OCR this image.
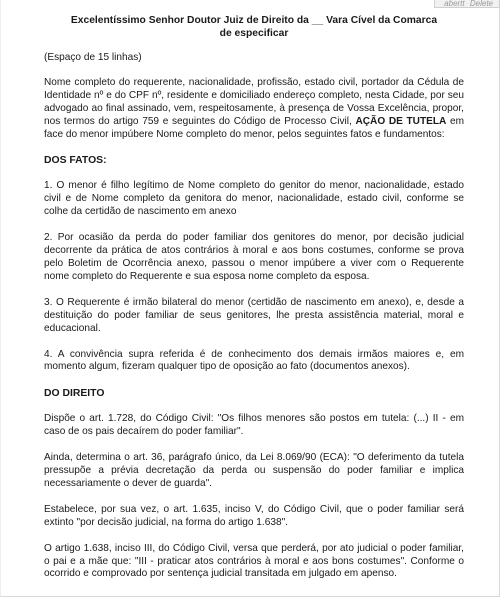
abertt Delete
Excelentíssimo Senhor Doutor Juiz de Direito da __ Vara Cível da Comarca
de especificar
(Espaço de 15 linhas)

Nome completo do requerente, nacionalidade, profissão, estado civil, portador da Cédula de Identidade nº e do CPF nº, residente e domiciliado endereço completo, nesta Cidade, por seu advogado ao final assinado, vem, respeitosamente, à presença de Vossa Excelência, propor, nos termos do artigo 759 e seguintes do Código de Processo Civil, AÇÃO DE TUTELA em face do menor impúbere Nome completo do menor, pelos seguintes fatos e fundamentos:

DOS FATOS:

1. O menor é filho legítimo de Nome completo do genitor do menor, nacionalidade, estado civil e de Nome completo da genitora do menor, nacionalidade, estado civil, conforme se colhe da certidão de nascimento em anexo

2. Por ocasião da perda do poder familiar dos genitores do menor, por decisão judicial decorrente da prática de atos contrários à moral e aos bons costumes, conforme se prova pelo Boletim de Ocorrência anexo, passou o menor impúbere a viver com o Requerente nome completo do Requerente e sua esposa nome completo da esposa.

3. O Requerente é irmão bilateral do menor (certidão de nascimento em anexo), e, desde a destituição do poder familiar de seus genitores, lhe presta assistência material, moral e educacional.

4. A convivência supra referida é de conhecimento dos demais irmãos maiores e, em momento algum, fizeram qualquer tipo de oposição ao fato (documentos anexos).

DO DIREITO

Dispõe o art. 1.728, do Código Civil: "Os filhos menores são postos em tutela: (...) II - em caso de os pais decaírem do poder familiar".

Ainda, determina o art. 36, parágrafo único, da Lei 8.069/90 (ECA): "O deferimento da tutela pressupõe a prévia decretação da perda ou suspensão do poder familiar e implica necessariamente o dever de guarda".

Estabelece, por sua vez, o art. 1.635, inciso V, do Código Civil, que o poder familiar será extinto "por decisão judicial, na forma do artigo 1.638".

O artigo 1.638, inciso III, do Código Civil, versa que perderá, por ato judicial o poder familiar, o pai e a mãe que: "III - praticar atos contrários à moral e aos bons costumes". Conforme o ocorrido e comprovado por sentença judicial transitada em julgado em apenso.
